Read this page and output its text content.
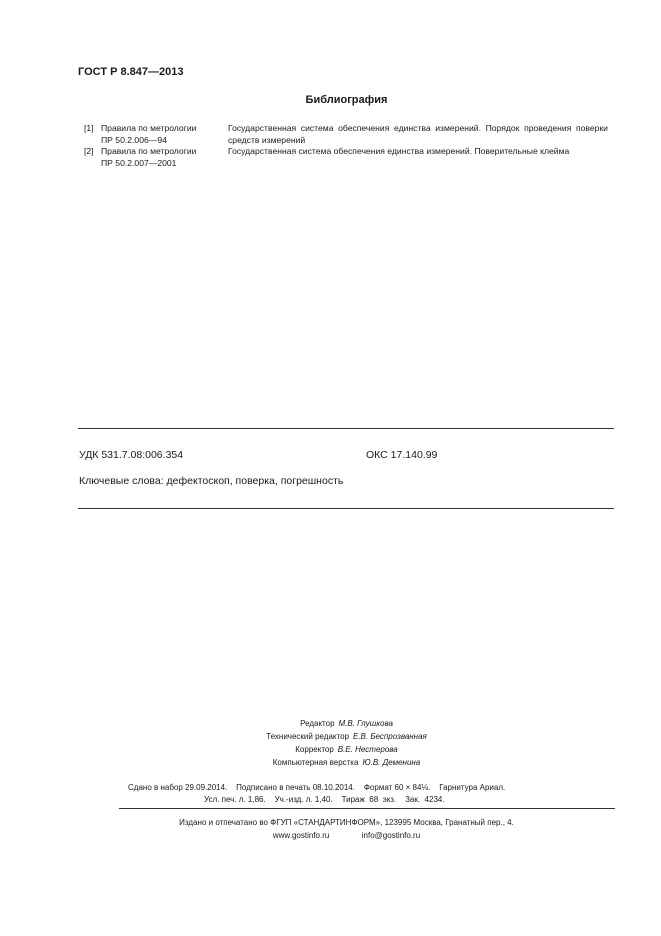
ГОСТ Р 8.847—2013
Библиография
[1] Правила по метрологии
ПР 50.2.006—94
Государственная система обеспечения единства измерений. Порядок проведения поверки средств измерений
[2] Правила по метрологии
ПР 50.2.007—2001
Государственная система обеспечения единства измерений. Поверительные клейма
УДК 531.7.08:006.354	ОКС 17.140.99
Ключевые слова: дефектоскоп, поверка, погрешность
Редактор М.В. Глушкова
Технический редактор Е.В. Беспрозванная
Корректор В.Е. Нестерова
Компьютерная верстка Ю.В. Деменина
Сдано в набор 29.09.2014.    Подписано в печать 08.10.2014.    Формат 60 × 84⅛.    Гарнитура Ариал.
Усл. печ. л. 1,86.    Уч.-изд. л. 1,40.    Тираж  68  экз.    Зак.  4234.
Издано и отпечатано во ФГУП «СТАНДАРТИНФОРМ», 123995 Москва, Гранатный пер., 4.
www.gostinfo.ru	info@gostinfo.ru
